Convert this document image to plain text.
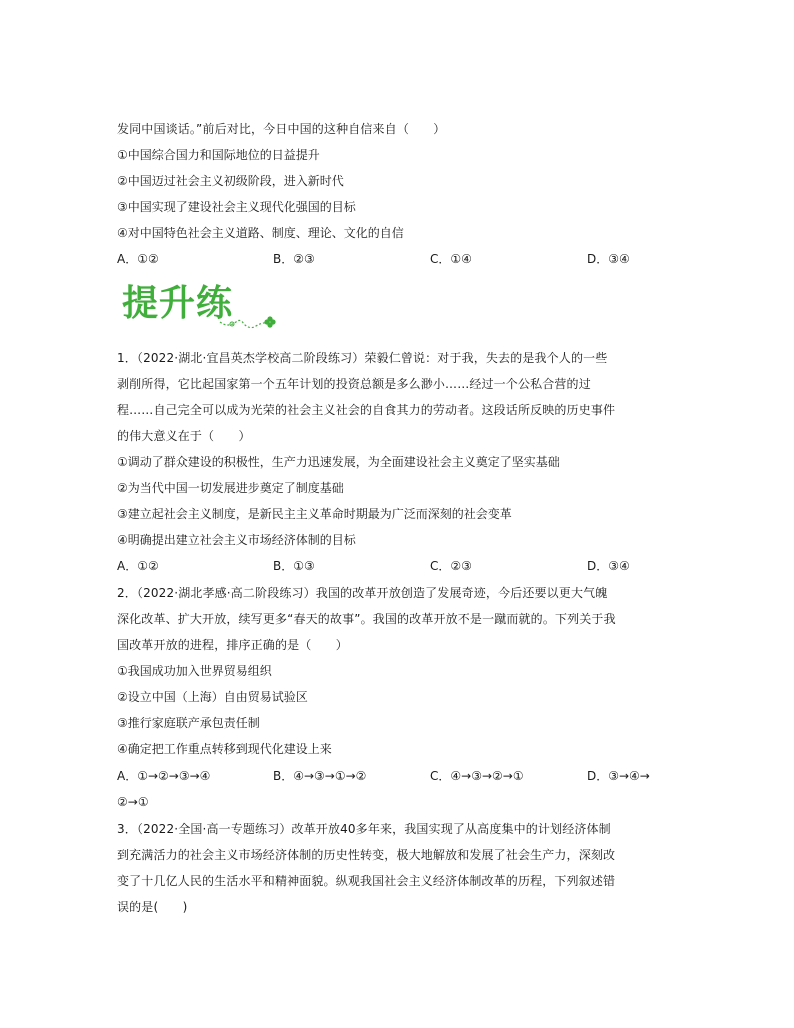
发同中国谈话。”前后对比，今日中国的这种自信来自（　　）
①中国综合国力和国际地位的日益提升
②中国迈过社会主义初级阶段，进入新时代
③中国实现了建设社会主义现代化强国的目标
④对中国特色社会主义道路、制度、理论、文化的自信
A．①②	B．②③	C．①④	D．③④
提升练
1．（2022·湖北·宜昌英杰学校高二阶段练习）荣毅仁曾说：对于我，失去的是我个人的一些
剥削所得，它比起国家第一个五年计划的投资总额是多么渺小……经过一个公私合营的过
程……自己完全可以成为光荣的社会主义社会的自食其力的劳动者。这段话所反映的历史事件
的伟大意义在于（　　）
①调动了群众建设的积极性，生产力迅速发展，为全面建设社会主义奠定了坚实基础
②为当代中国一切发展进步奠定了制度基础
③建立起社会主义制度，是新民主主义革命时期最为广泛而深刻的社会变革
④明确提出建立社会主义市场经济体制的目标
A．①②	B．①③	C．②③	D．③④
2．（2022·湖北孝感·高二阶段练习）我国的改革开放创造了发展奇迹，今后还要以更大气魄
深化改革、扩大开放，续写更多“春天的故事”。我国的改革开放不是一蹴而就的。下列关于我
国改革开放的进程，排序正确的是（　　）
①我国成功加入世界贸易组织
②设立中国（上海）自由贸易试验区
③推行家庭联产承包责任制
④确定把工作重点转移到现代化建设上来
A．①→②→③→④	B．④→③→①→②	C．④→③→②→①	D．③→④→
②→①
3．（2022·全国·高一专题练习）改革开放40多年来，我国实现了从高度集中的计划经济体制
到充满活力的社会主义市场经济体制的历史性转变，极大地解放和发展了社会生产力，深刻改
变了十几亿人民的生活水平和精神面貌。纵观我国社会主义经济体制改革的历程，下列叙述错
误的是(　　)
